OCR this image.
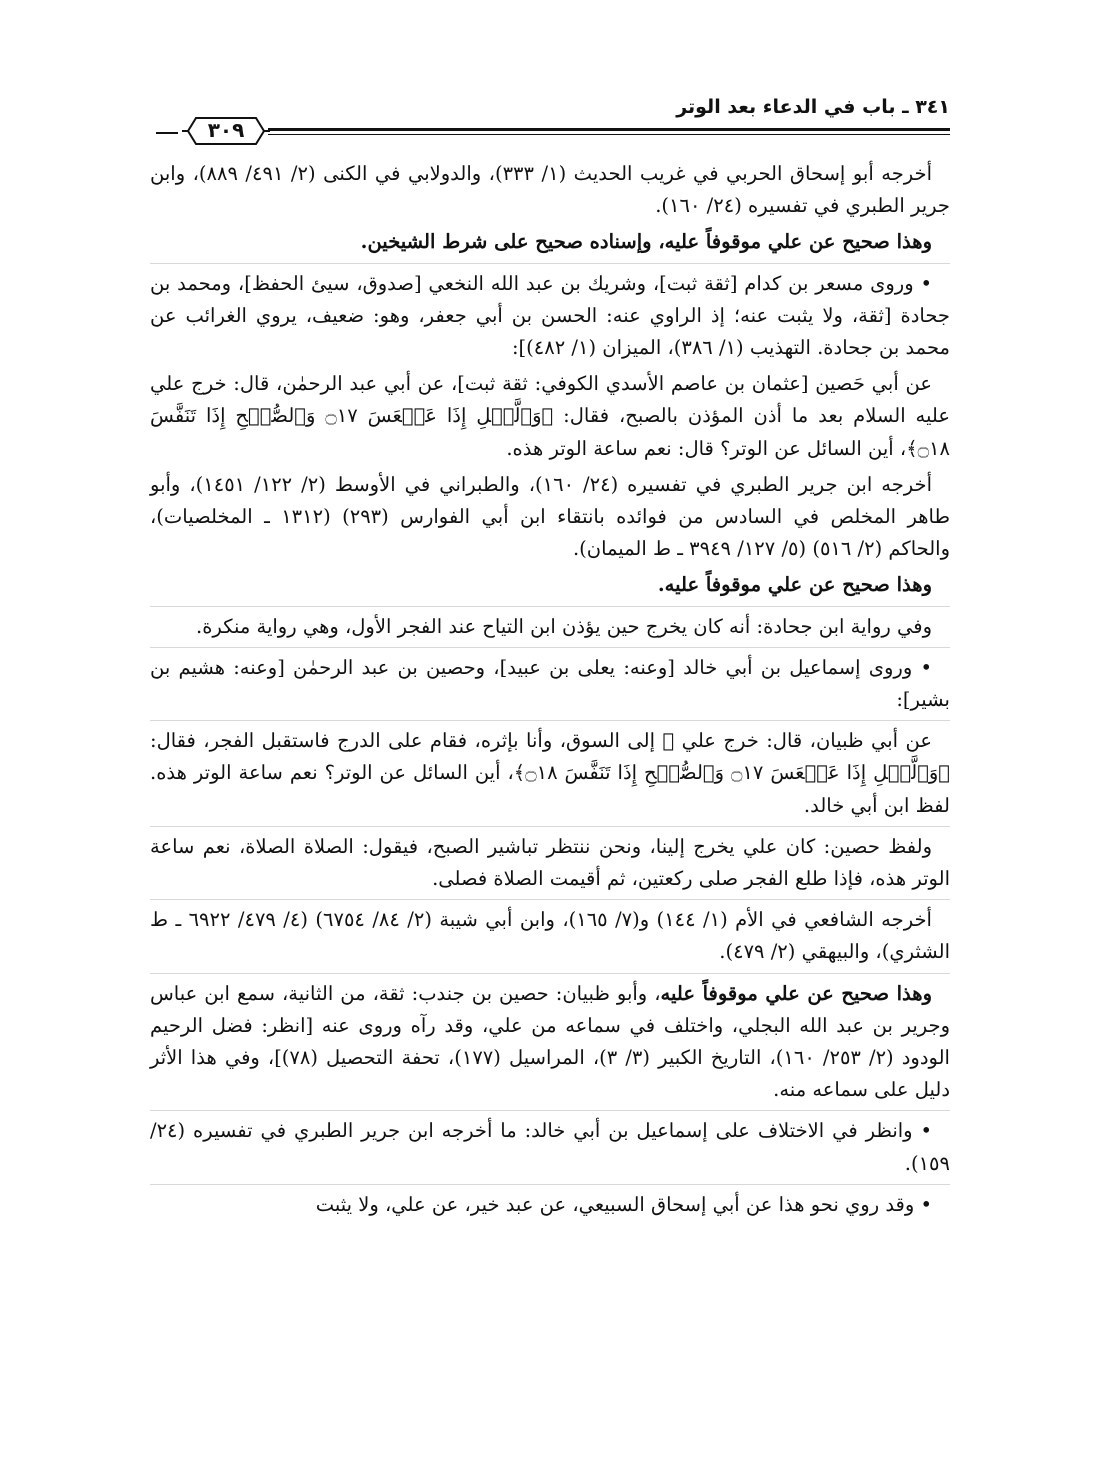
٣٠٩
٣٤١ ـ باب في الدعاء بعد الوتر

أخرجه أبو إسحاق الحربي في غريب الحديث (١/ ٣٣٣)، والدولابي في الكنى (٢/ ٤٩١/ ٨٨٩)، وابن جرير الطبري في تفسيره (٢٤/ ١٦٠).

وهذا صحيح عن علي موقوفاً عليه، وإسناده صحيح على شرط الشيخين.

• وروى مسعر بن كدام [ثقة ثبت]، وشريك بن عبد الله النخعي [صدوق، سيئ الحفظ]، ومحمد بن جحادة [ثقة، ولا يثبت عنه؛ إذ الراوي عنه: الحسن بن أبي جعفر، وهو: ضعيف، يروي الغرائب عن محمد بن جحادة. التهذيب (١/ ٣٨٦)، الميزان (١/ ٤٨٢)]:

عن أبي حَصين [عثمان بن عاصم الأسدي الكوفي: ثقة ثبت]، عن أبي عبد الرحمٰن، قال: خرج علي عليه السلام بعد ما أذن المؤذن بالصبح، فقال: ﴿وَٱلَّيۡلِ إِذَا عَسۡعَسَ ۝١٧ وَٱلصُّبۡحِ إِذَا تَنَفَّسَ ۝١٨﴾، أين السائل عن الوتر؟ قال: نعم ساعة الوتر هذه.

أخرجه ابن جرير الطبري في تفسيره (٢٤/ ١٦٠)، والطبراني في الأوسط (٢/ ١٢٢/ ١٤٥١)، وأبو طاهر المخلص في السادس من فوائده بانتقاء ابن أبي الفوارس (٢٩٣) (١٣١٢ ـ المخلصيات)، والحاكم (٢/ ٥١٦) (٥/ ١٢٧/ ٣٩٤٩ ـ ط الميمان).

وهذا صحيح عن علي موقوفاً عليه.

وفي رواية ابن جحادة: أنه كان يخرج حين يؤذن ابن التياح عند الفجر الأول، وهي رواية منكرة.

• وروى إسماعيل بن أبي خالد [وعنه: يعلى بن عبيد]، وحصين بن عبد الرحمٰن [وعنه: هشيم بن بشير]:

عن أبي ظبيان، قال: خرج علي ﷺ إلى السوق، وأنا بإثره، فقام على الدرج فاستقبل الفجر، فقال: ﴿وَٱلَّيۡلِ إِذَا عَسۡعَسَ ۝١٧ وَٱلصُّبۡحِ إِذَا تَنَفَّسَ ۝١٨﴾، أين السائل عن الوتر؟ نعم ساعة الوتر هذه. لفظ ابن أبي خالد.

ولفظ حصين: كان علي يخرج إلينا، ونحن ننتظر تباشير الصبح، فيقول: الصلاة الصلاة، نعم ساعة الوتر هذه، فإذا طلع الفجر صلى ركعتين، ثم أقيمت الصلاة فصلى.

أخرجه الشافعي في الأم (١/ ١٤٤) و(٧/ ١٦٥)، وابن أبي شيبة (٢/ ٨٤/ ٦٧٥٤) (٤/ ٤٧٩/ ٦٩٢٢ ـ ط الشثري)، والبيهقي (٢/ ٤٧٩).

وهذا صحيح عن علي موقوفاً عليه، وأبو ظبيان: حصين بن جندب: ثقة، من الثانية، سمع ابن عباس وجرير بن عبد الله البجلي، واختلف في سماعه من علي، وقد رآه وروى عنه [انظر: فضل الرحيم الودود (٢/ ٢٥٣/ ١٦٠)، التاريخ الكبير (٣/ ٣)، المراسيل (١٧٧)، تحفة التحصيل (٧٨)]، وفي هذا الأثر دليل على سماعه منه.

• وانظر في الاختلاف على إسماعيل بن أبي خالد: ما أخرجه ابن جرير الطبري في تفسيره (٢٤/ ١٥٩).

• وقد روي نحو هذا عن أبي إسحاق السبيعي، عن عبد خير، عن علي، ولا يثبت
